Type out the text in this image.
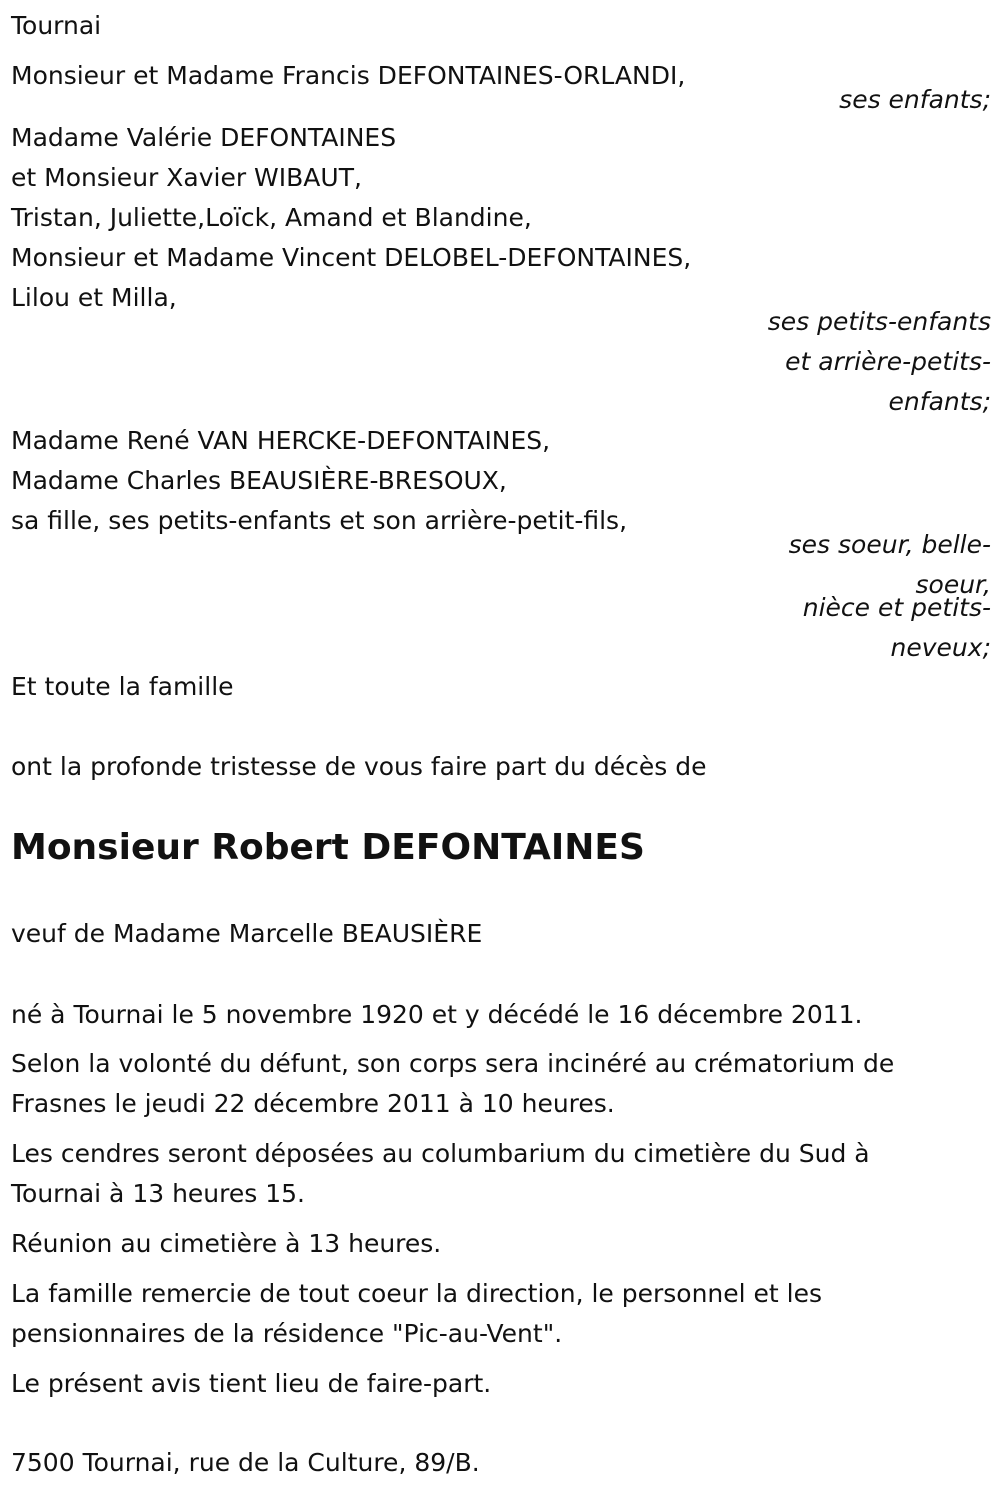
Tournai
Monsieur et Madame Francis DEFONTAINES-ORLANDI,
ses enfants;
Madame Valérie DEFONTAINES
et Monsieur Xavier WIBAUT,
Tristan, Juliette,Loïck, Amand et Blandine,
Monsieur et Madame Vincent DELOBEL-DEFONTAINES,
Lilou et Milla,
ses petits-enfants
et arrière-petits-
enfants;
Madame René VAN HERCKE-DEFONTAINES,
Madame Charles BEAUSIÈRE-BRESOUX,
sa fille, ses petits-enfants et son arrière-petit-fils,
ses soeur, belle-
soeur,
nièce et petits-
neveux;
Et toute la famille
ont la profonde tristesse de vous faire part du décès de
Monsieur Robert DEFONTAINES
veuf de Madame Marcelle BEAUSIÈRE
né à Tournai le 5 novembre 1920 et y décédé le 16 décembre 2011.
Selon la volonté du défunt, son corps sera incinéré au crématorium de
Frasnes le jeudi 22 décembre 2011 à 10 heures.
Les cendres seront déposées au columbarium du cimetière du Sud à
Tournai à 13 heures 15.
Réunion au cimetière à 13 heures.
La famille remercie de tout coeur la direction, le personnel et les
pensionnaires de la résidence "Pic-au-Vent".
Le présent avis tient lieu de faire-part.
7500 Tournai, rue de la Culture, 89/B.
